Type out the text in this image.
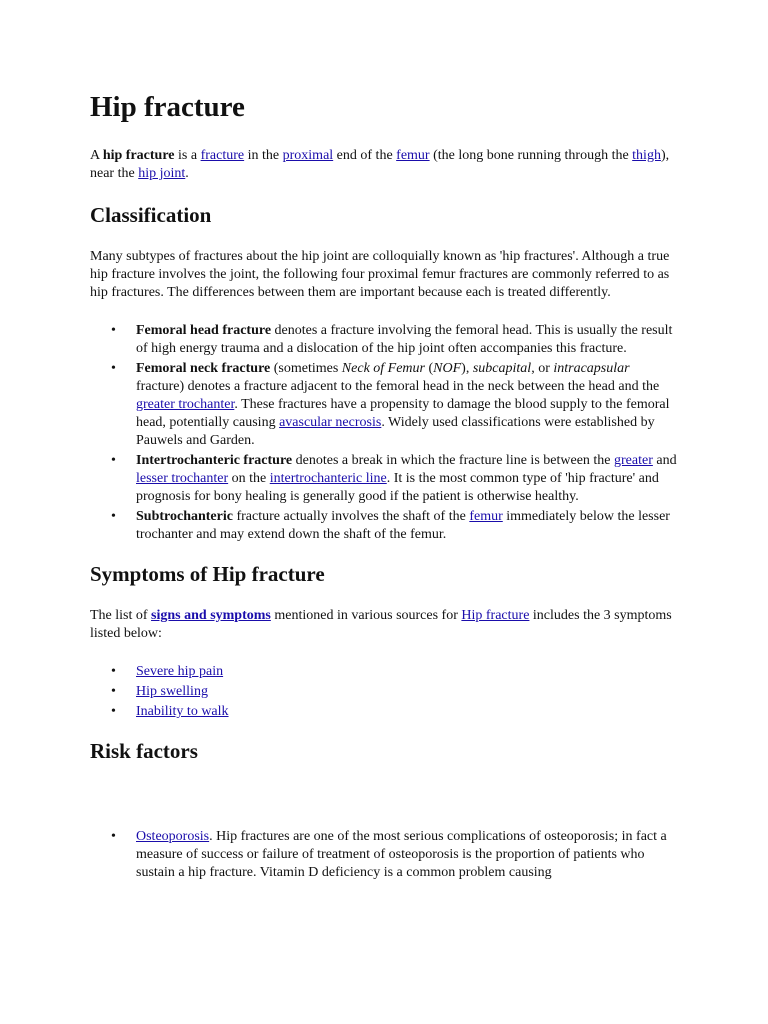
Hip fracture

A hip fracture is a fracture in the proximal end of the femur (the long bone running through the thigh), near the hip joint.

Classification

Many subtypes of fractures about the hip joint are colloquially known as 'hip fractures'. Although a true hip fracture involves the joint, the following four proximal femur fractures are commonly referred to as hip fractures. The differences between them are important because each is treated differently.

• Femoral head fracture denotes a fracture involving the femoral head. This is usually the result of high energy trauma and a dislocation of the hip joint often accompanies this fracture.
• Femoral neck fracture (sometimes Neck of Femur (NOF), subcapital, or intracapsular fracture) denotes a fracture adjacent to the femoral head in the neck between the head and the greater trochanter. These fractures have a propensity to damage the blood supply to the femoral head, potentially causing avascular necrosis. Widely used classifications were established by Pauwels and Garden.
• Intertrochanteric fracture denotes a break in which the fracture line is between the greater and lesser trochanter on the intertrochanteric line. It is the most common type of 'hip fracture' and prognosis for bony healing is generally good if the patient is otherwise healthy.
• Subtrochanteric fracture actually involves the shaft of the femur immediately below the lesser trochanter and may extend down the shaft of the femur.
Symptoms of Hip fracture

The list of signs and symptoms mentioned in various sources for Hip fracture includes the 3 symptoms listed below:

• Severe hip pain
• Hip swelling
• Inability to walk
Risk factors
• Osteoporosis. Hip fractures are one of the most serious complications of osteoporosis; in fact a measure of success or failure of treatment of osteoporosis is the proportion of patients who sustain a hip fracture. Vitamin D deficiency is a common problem causing
